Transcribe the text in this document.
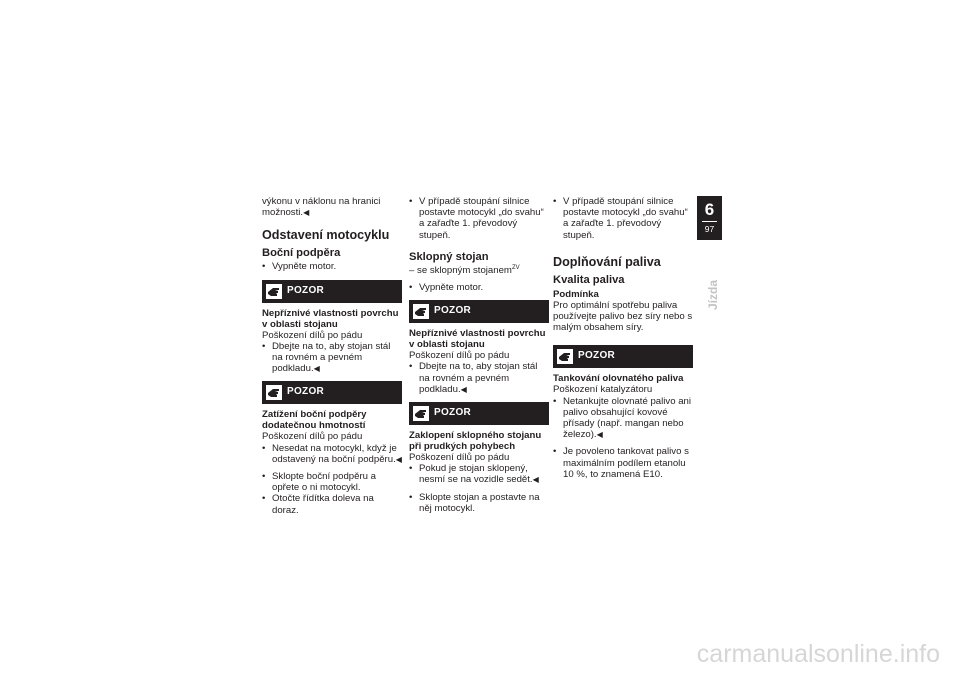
výkonu v náklonu na hranici možnosti.◀

Odstavení motocyklu
Boční podpěra

• Vypněte motor.

POZOR
Nepříznivé vlastnosti povrchu v oblasti stojanu

Poškození dílů po pádu

• Dbejte na to, aby stojan stál na rovném a pevném podkladu.◀

POZOR
Zatížení boční podpěry dodatečnou hmotností

Poškození dílů po pádu

• Nesedat na motocykl, když je odstavený na boční podpěru.◀

• Sklopte boční podpěru a opřete o ni motocykl.

• Otočte řídítka doleva na doraz.

• V případě stoupání silnice postavte motocykl „do svahu“ a zařaďte 1. převodový stupeň.

Sklopný stojan

– se sklopným stojanem$^{ZV}$

• Vypněte motor.

POZOR
Nepříznivé vlastnosti povrchu v oblasti stojanu

Poškození dílů po pádu

• Dbejte na to, aby stojan stál na rovném a pevném podkladu.◀

POZOR
Zaklopení sklopného stojanu při prudkých pohybech

Poškození dílů po pádu

• Pokud je stojan sklopený, nesmí se na vozidle sedět.◀

• Sklopte stojan a postavte na něj motocykl.

• V případě stoupání silnice postavte motocykl „do svahu“ a zařaďte 1. převodový stupeň.

Doplňování paliva
Kvalita paliva
Podmínka

Pro optimální spotřebu paliva používejte palivo bez síry nebo s malým obsahem síry.

POZOR
Tankování olovnatého paliva

Poškození katalyzátoru

• Netankujte olovnaté palivo ani palivo obsahující kovové přísady (např. mangan nebo železo).◀

• Je povoleno tankovat palivo s maximálním podílem etanolu 10 %, to znamená E10.

6
97
Jízda
carmanualsonline.info
